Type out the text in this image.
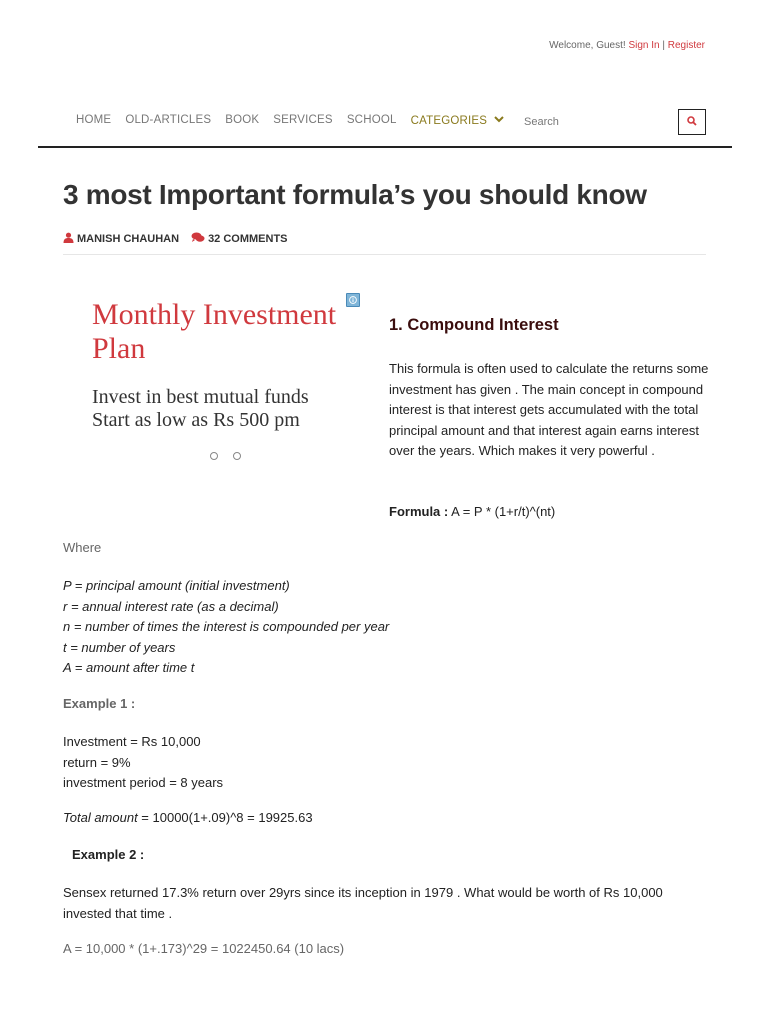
Welcome, Guest! Sign In | Register
HOME OLD-ARTICLES BOOK SERVICES SCHOOL CATEGORIES
Search
3 most Important formula’s you should know
MANISH CHAUHAN	32 COMMENTS
Monthly Investment Plan
Invest in best mutual funds
Start as low as Rs 500 pm
1. Compound Interest

This formula is often used to calculate the returns some investment has given . The main concept in compound interest is that interest gets accumulated with the total principal amount and that interest again earns interest over the years. Which makes it very powerful .

Formula : A = P * (1+r/t)^(nt)
Where
P = principal amount (initial investment)
r = annual interest rate (as a decimal)
n = number of times the interest is compounded per year
t = number of years
A = amount after time t
Example 1 :
Investment = Rs 10,000
return = 9%
investment period = 8 years
Total amount = 10000(1+.09)^8 = 19925.63
Example 2 :
Sensex returned 17.3% return over 29yrs since its inception in 1979 . What would be worth of Rs 10,000 invested that time .
A = 10,000 * (1+.173)^29 = 1022450.64 (10 lacs)
